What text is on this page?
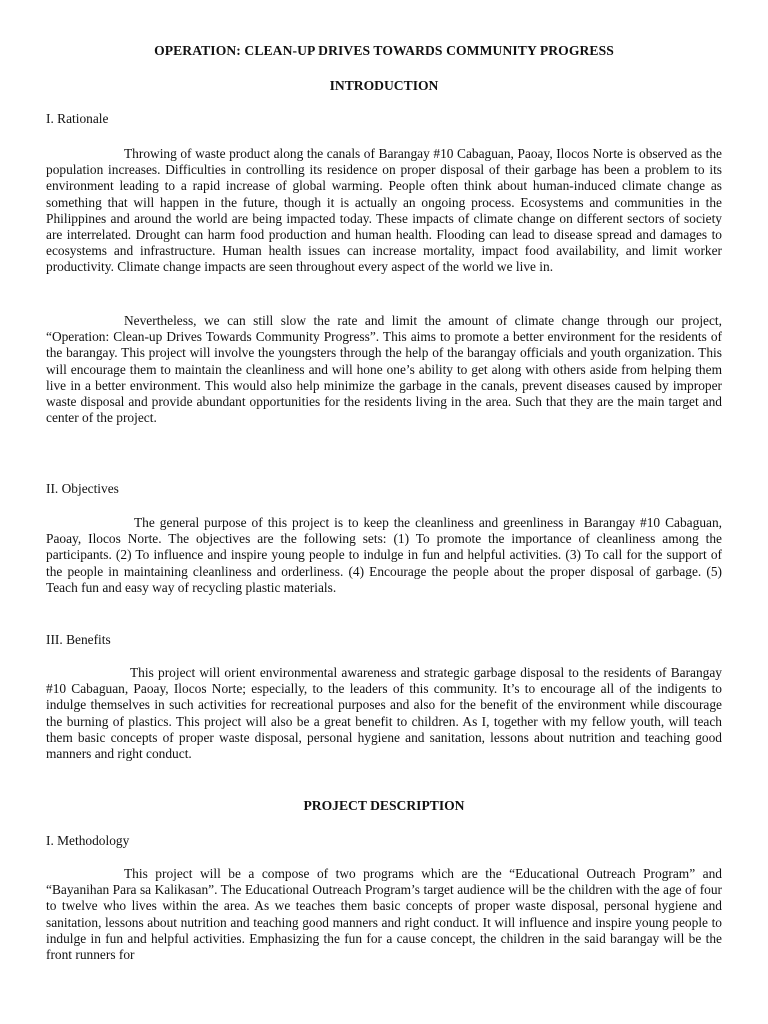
OPERATION: CLEAN-UP DRIVES TOWARDS COMMUNITY PROGRESS
INTRODUCTION
I. Rationale

Throwing of waste product along the canals of Barangay #10 Cabaguan, Paoay, Ilocos Norte is observed as the population increases. Difficulties in controlling its residence on proper disposal of their garbage has been a problem to its environment leading to a rapid increase of global warming. People often think about human-induced climate change as something that will happen in the future, though it is actually an ongoing process. Ecosystems and communities in the Philippines and around the world are being impacted today. These impacts of climate change on different sectors of society are interrelated. Drought can harm food production and human health. Flooding can lead to disease spread and damages to ecosystems and infrastructure. Human health issues can increase mortality, impact food availability, and limit worker productivity. Climate change impacts are seen throughout every aspect of the world we live in.

Nevertheless, we can still slow the rate and limit the amount of climate change through our project, “Operation: Clean-up Drives Towards Community Progress”. This aims to promote a better environment for the residents of the barangay. This project will involve the youngsters through the help of the barangay officials and youth organization. This will encourage them to maintain the cleanliness and will hone one’s ability to get along with others aside from helping them live in a better environment. This would also help minimize the garbage in the canals, prevent diseases caused by improper waste disposal and provide abundant opportunities for the residents living in the area. Such that they are the main target and center of the project.

II. Objectives

The general purpose of this project is to keep the cleanliness and greenliness in Barangay #10 Cabaguan, Paoay, Ilocos Norte. The objectives are the following sets: (1) To promote the importance of cleanliness among the participants. (2) To influence and inspire young people to indulge in fun and helpful activities. (3) To call for the support of the people in maintaining cleanliness and orderliness. (4) Encourage the people about the proper disposal of garbage. (5) Teach fun and easy way of recycling plastic materials.

III. Benefits

This project will orient environmental awareness and strategic garbage disposal to the residents of Barangay #10 Cabaguan, Paoay, Ilocos Norte; especially, to the leaders of this community. It’s to encourage all of the indigents to indulge themselves in such activities for recreational purposes and also for the benefit of the environment while discourage the burning of plastics. This project will also be a great benefit to children. As I, together with my fellow youth, will teach them basic concepts of proper waste disposal, personal hygiene and sanitation, lessons about nutrition and teaching good manners and right conduct.

PROJECT DESCRIPTION
I. Methodology

This project will be a compose of two programs which are the “Educational Outreach Program” and “Bayanihan Para sa Kalikasan”. The Educational Outreach Program’s target audience will be the children with the age of four to twelve who lives within the area. As we teaches them basic concepts of proper waste disposal, personal hygiene and sanitation, lessons about nutrition and teaching good manners and right conduct. It will influence and inspire young people to indulge in fun and helpful activities. Emphasizing the fun for a cause concept, the children in the said barangay will be the front runners for
